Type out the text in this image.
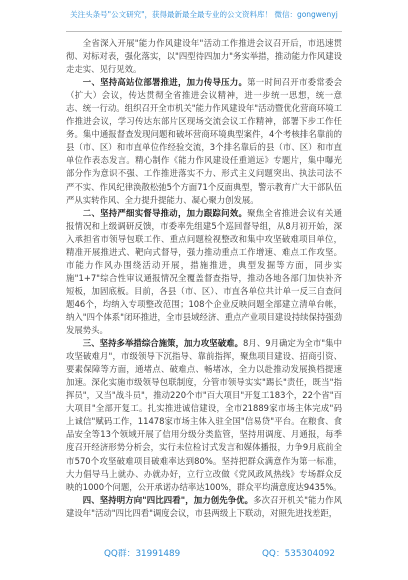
关注头条号"公文研究"，获得最新最全最专业的公文资料库！ 微信：gongwenyj

全省深入开展"能力作风建设年"活动工作推进会议召开后，市迅速贯彻、对标对表，强化落实，以"四型待四加力"务实举措，推动能力作风建设走走实、见行见效。

一、坚持高站位部署推进，加力传导压力。第一时间召开市委常委会（扩大）会议，传达贯彻全省推进会议精神，进一步统一思想，统一意志、统一行动。组织召开全市机关"能力作风建设年"活动暨优化营商环境工作推进会议，学习传达东部片区现场交流会议工作精神，部署下步工作任务。集中通报督查发现问题和破坏营商环境典型案件，4个考核排名靠前的县（市、区）和市直单位作经验交流，3个排名靠后的县（市、区）和市直单位作表态发言。精心制作《能力作风建设任重道远》专题片，集中曝光部分作为意识不强、工作推进落实不力、形式主义问题突出、执法司法不严不实、作风纪律涣散松弛5个方面71个反面典型，警示教育广大干部队伍严从实转作风、全力提升提能力、凝心聚力创发展。

二、坚持严细实督导推动，加力跟踪问效。聚焦全省推进会议有关通报情况和上级调研反馈，市委率先组建5个巡回督导组，从8月初开始，深入承担省市领导包联工作、重点问题检视整改和集中攻坚破难项目单位，精准开展推进式、靶向式督导，强力推动重点工作增速、难点工作攻坚。市能力作风办围绕活动开展，措施推进，典型发掘等方面，同步实施"1+7"综合性审议通报情况全覆盖督查指导，推动各地各部门加快补齐短板，加固底板。目前，各县（市、区）、市直各单位共计单一反三自查问题46个，均纳入专项整改范围；108个企业反映问题全部建立清单台帐，纳入"四个体系"闭环推进，全市县域经济、重点产业项目建设持续保持强劲发展势头。

三、坚持多举措综合施策，加力攻坚破难。8月、9月确定为全市"集中攻坚破难月"，市级领导下沉指导、靠前指挥，聚焦项目建设、招商引资、要素保障等方面，通堵点、破难点、畅堵冰，全力以赴推动发展换档提速加速。深化实施市级领导包联制度，分管市领导实实"踢长"责任，既当"指挥员"，又当"战斗员"，推动220个市"百大项目"开复工183个，22个省"百大项目"全部开复工。扎实推进诚信建设，全市21889家市场主体完成"码上诚信"赋码工作，11478家市场主体入驻全国"信易贷"平台。在粮食、食品安全等13个领域开展了信用分级分类监管，坚持用调度、月通报，每季度召开经济形势分析会，实行未位检讨式发言和媒体播报，力争9月底前全市570个攻坚破难项目破难率达到80%。坚持把群众满意作为第一标准，大力倡导马上就办、办就办好，立行立改做《党风政风热线》专场群众反映的1000个问题，公开承诺办结率达100%，群众平均满意度达9435%。

四、坚持明方向"四比四看"，加力创先争优。多次召开机关"能力作风建设年"活动"四比四看"调度会议，市县两级上下联动，对照先进找差距，

QQ群：31991489	QQ：535304092
